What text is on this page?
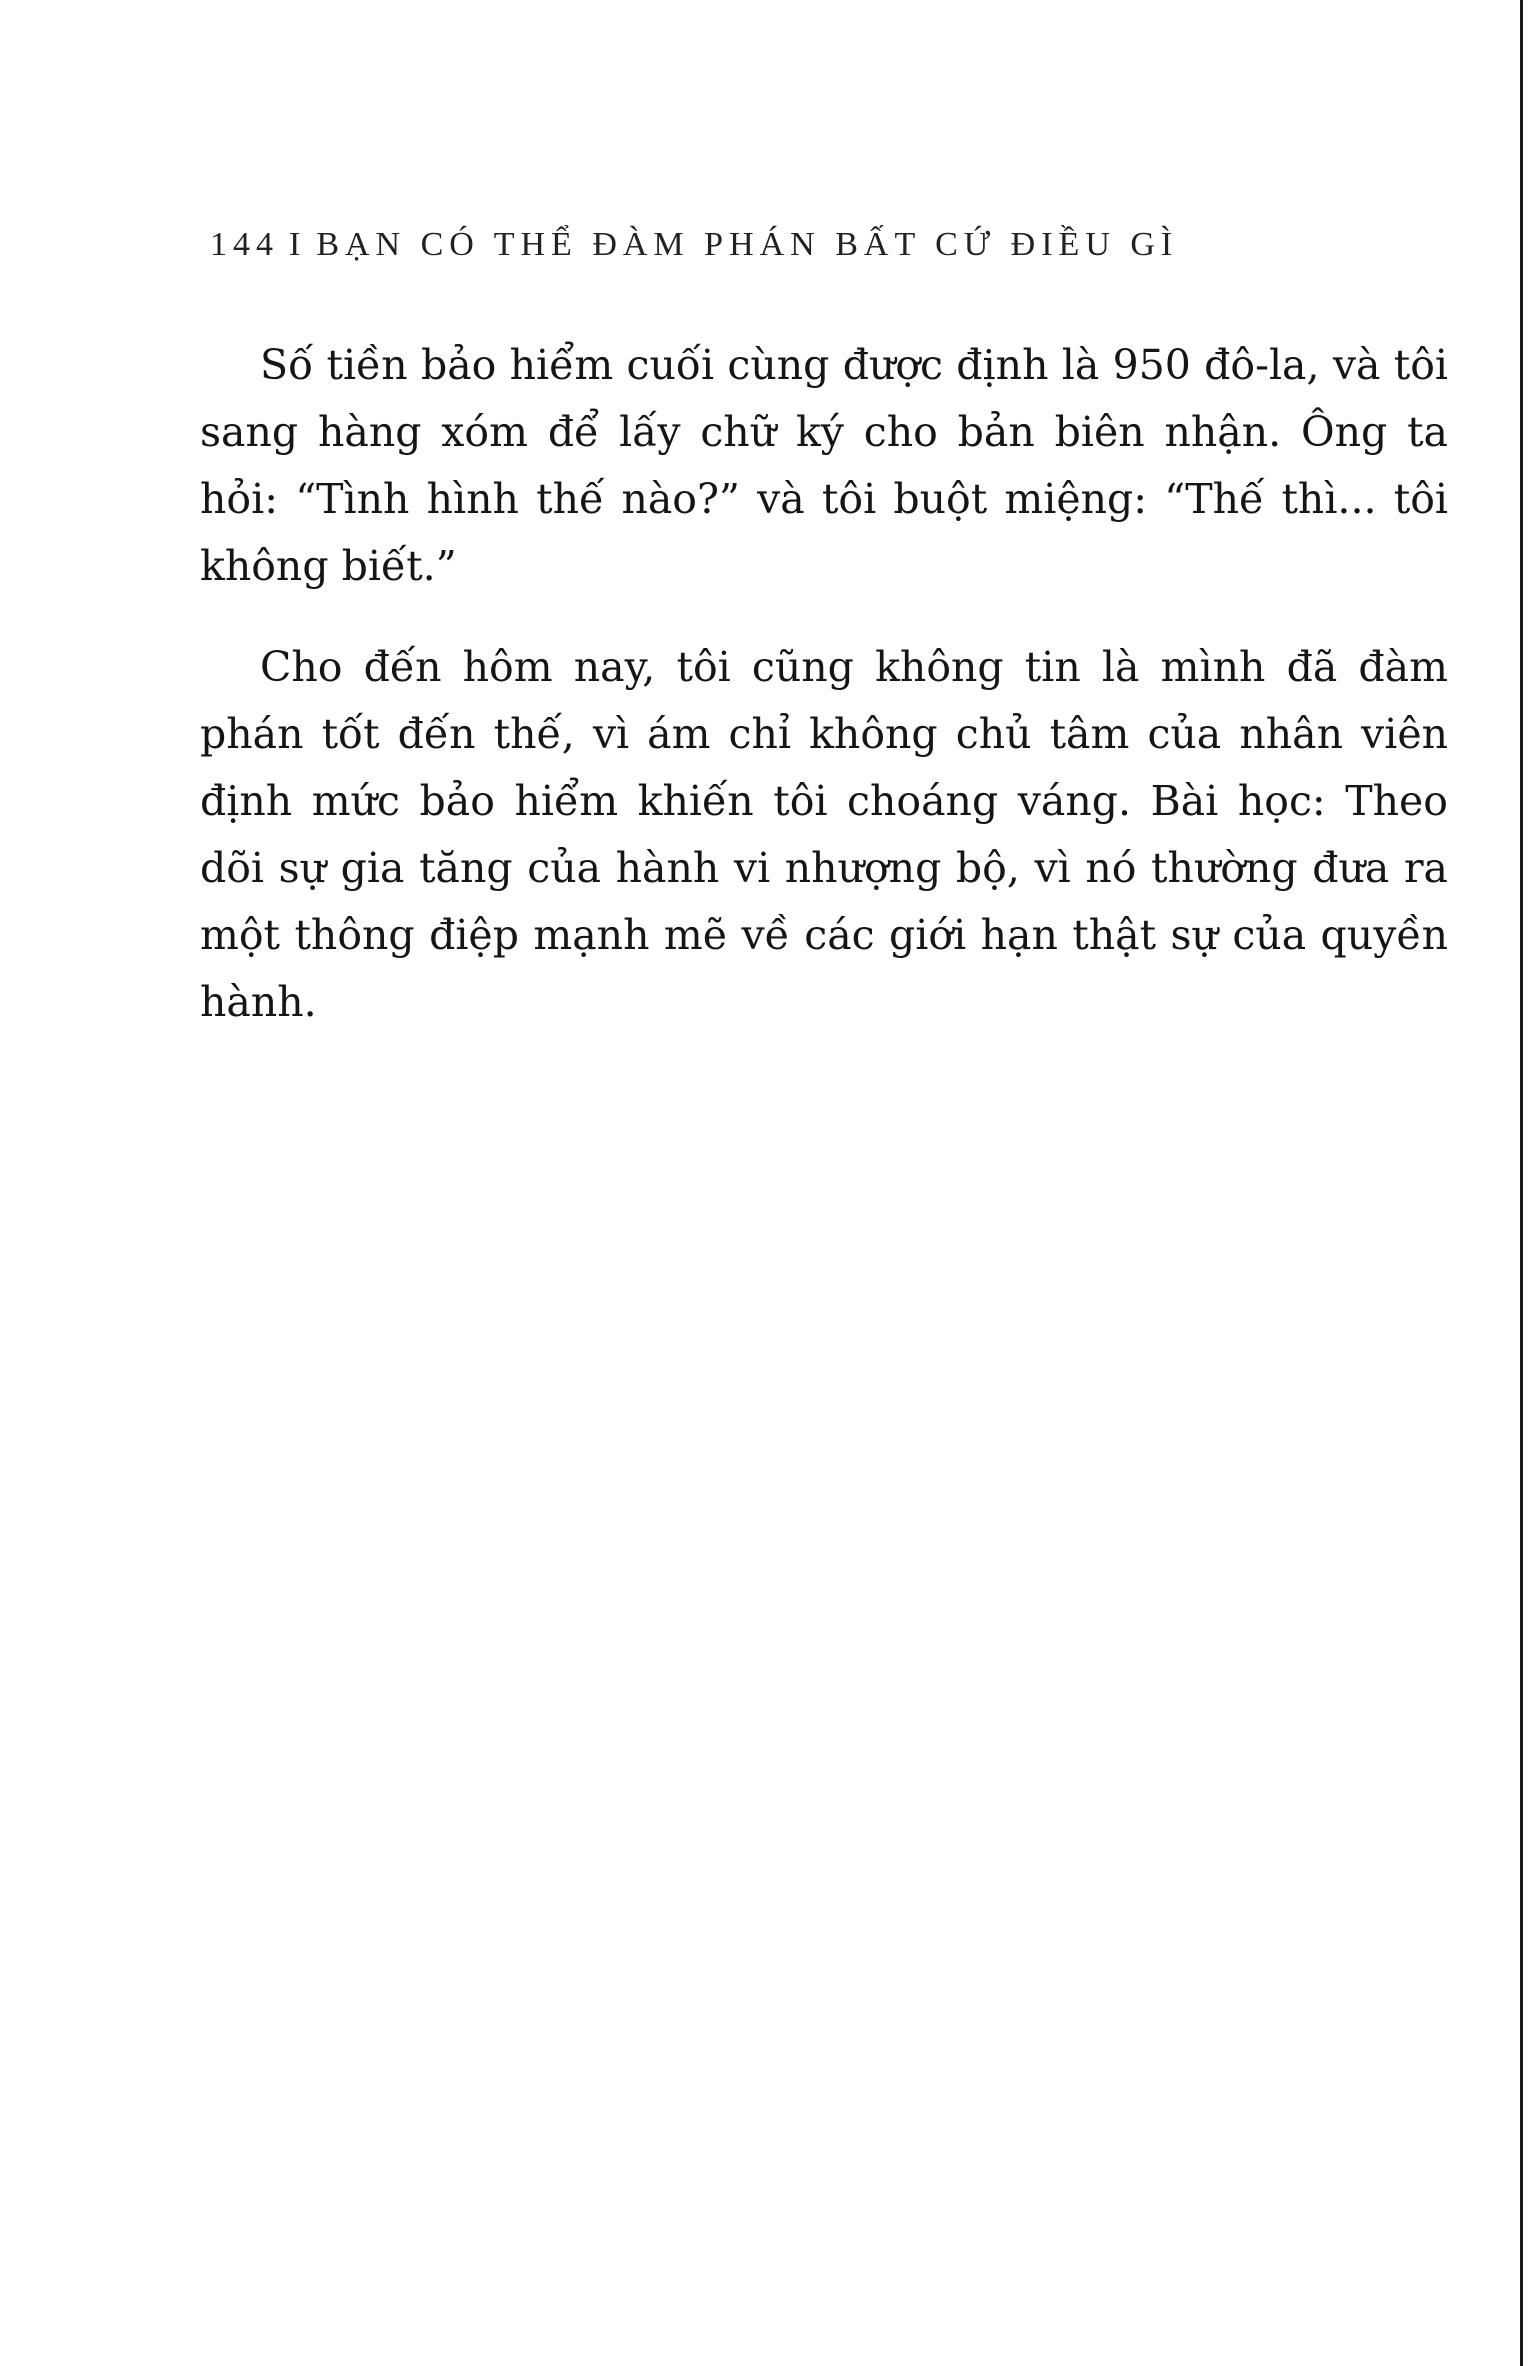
144 I BẠN CÓ THỂ ĐÀM PHÁN BẤT CỨ ĐIỀU GÌ

Số tiền bảo hiểm cuối cùng được định là 950 đô-la, và tôi sang hàng xóm để lấy chữ ký cho bản biên nhận. Ông ta hỏi: “Tình hình thế nào?” và tôi buột miệng: “Thế thì... tôi không biết.”

Cho đến hôm nay, tôi cũng không tin là mình đã đàm phán tốt đến thế, vì ám chỉ không chủ tâm của nhân viên định mức bảo hiểm khiến tôi choáng váng. Bài học: Theo dõi sự gia tăng của hành vi nhượng bộ, vì nó thường đưa ra một thông điệp mạnh mẽ về các giới hạn thật sự của quyền hành.
